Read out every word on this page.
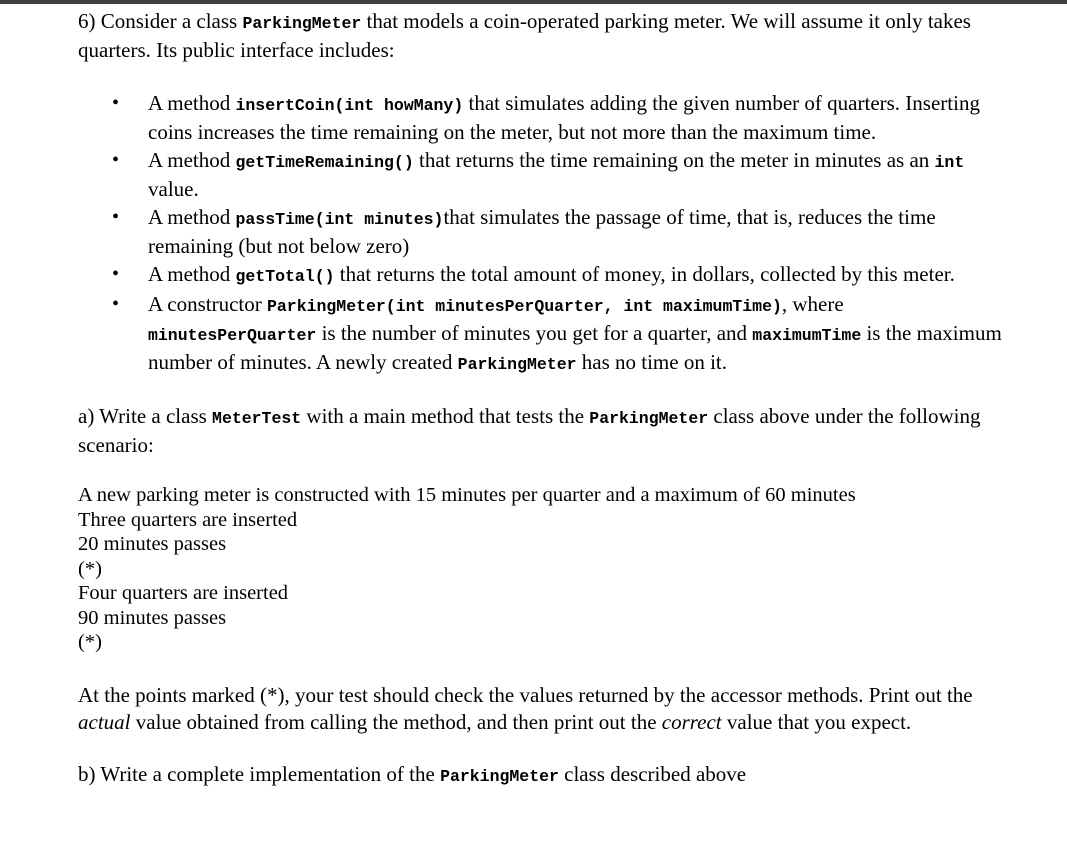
6) Consider a class ParkingMeter that models a coin-operated parking meter. We will assume it only takes quarters. Its public interface includes:

• A method insertCoin(int howMany) that simulates adding the given number of quarters. Inserting coins increases the time remaining on the meter, but not more than the maximum time.
• A method getTimeRemaining() that returns the time remaining on the meter in minutes as an int value.
• A method passTime(int minutes)that simulates the passage of time, that is, reduces the time remaining (but not below zero)
• A method getTotal() that returns the total amount of money, in dollars, collected by this meter.
• A constructor ParkingMeter(int minutesPerQuarter, int maximumTime), where minutesPerQuarter is the number of minutes you get for a quarter, and maximumTime is the maximum number of minutes. A newly created ParkingMeter has no time on it.

a) Write a class MeterTest with a main method that tests the ParkingMeter class above under the following scenario:

A new parking meter is constructed with 15 minutes per quarter and a maximum of 60 minutes
Three quarters are inserted
20 minutes passes
(*)
Four quarters are inserted
90 minutes passes
(*)

At the points marked (*), your test should check the values returned by the accessor methods. Print out the actual value obtained from calling the method, and then print out the correct value that you expect.

b) Write a complete implementation of the ParkingMeter class described above
